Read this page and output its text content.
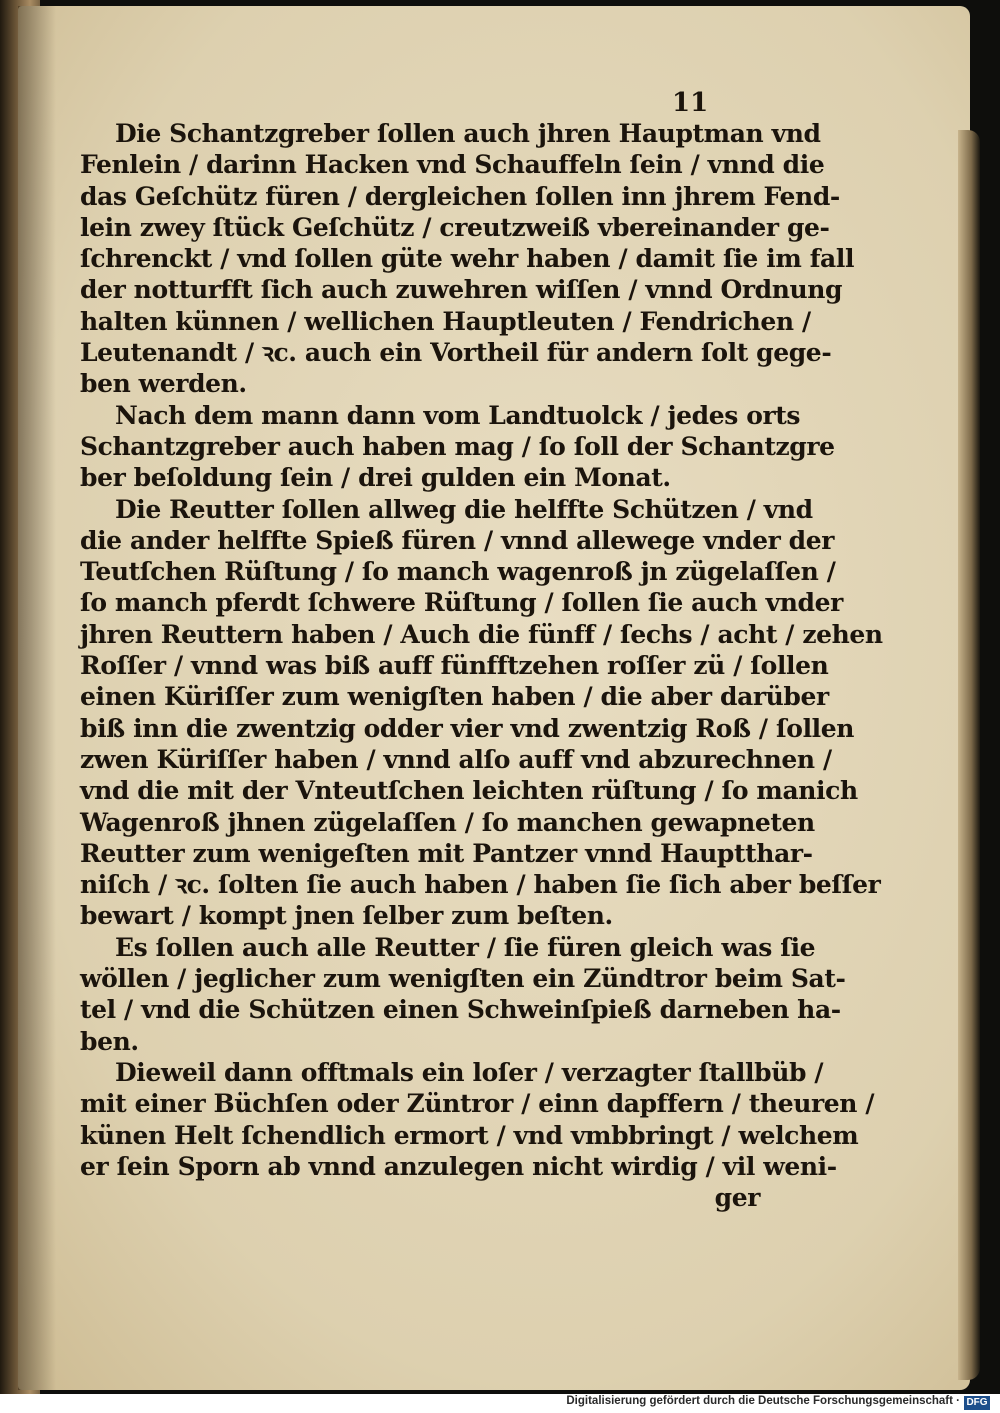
11
Die Schantzgreber ſollen auch jhren Hauptman vnd
Fenlein / darinn Hacken vnd Schauffeln ſein / vnnd die
das Geſchütz füren / dergleichen ſollen inn jhrem Fend-
lein zwey ſtück Geſchütz / creutzweiß vbereinander ge-
ſchrenckt / vnd ſollen güte wehr haben / damit ſie im fall
der notturfft ſich auch zuwehren wiſſen / vnnd Ordnung
halten künnen / wellichen Hauptleuten / Fendrichen /
Leutenandt / ꝛc. auch ein Vortheil für andern ſolt gege-
ben werden.
Nach dem mann dann vom Landtuolck / jedes orts
Schantzgreber auch haben mag / ſo ſoll der Schantzgre
ber beſoldung ſein / drei gulden ein Monat.
Die Reutter ſollen allweg die helffte Schützen / vnd
die ander helffte Spieß füren / vnnd allewege vnder der
Teutſchen Rüſtung / ſo manch wagenroß jn zügelaſſen /
ſo manch pferdt ſchwere Rüſtung / ſollen ſie auch vnder
jhren Reuttern haben / Auch die fünff / ſechs / acht / zehen
Roſſer / vnnd was biß auff fünfftzehen roſſer zü / ſollen
einen Küriſſer zum wenigſten haben / die aber darüber
biß inn die zwentzig odder vier vnd zwentzig Roß / ſollen
zwen Küriſſer haben / vnnd alſo auff vnd abzurechnen /
vnd die mit der Vnteutſchen leichten rüſtung / ſo manich
Wagenroß jhnen zügelaſſen / ſo manchen gewapneten
Reutter zum wenigeſten mit Pantzer vnnd Hauptthar-
niſch / ꝛc. ſolten ſie auch haben / haben ſie ſich aber beſſer
bewart / kompt jnen ſelber zum beſten.
Es ſollen auch alle Reutter / ſie füren gleich was ſie
wöllen / jeglicher zum wenigſten ein Zündtror beim Sat-
tel / vnd die Schützen einen Schweinſpieß darneben ha-
ben.
Dieweil dann offtmals ein loſer / verzagter ſtallbüb /
mit einer Büchſen oder Züntror / einn dapffern / theuren /
künen Helt ſchendlich ermort / vnd vmbbringt / welchem
er ſein Sporn ab vnnd anzulegen nicht wirdig / vil weni-
ger
Digitalisierung gefördert durch die Deutsche Forschungsgemeinschaft · DFG
